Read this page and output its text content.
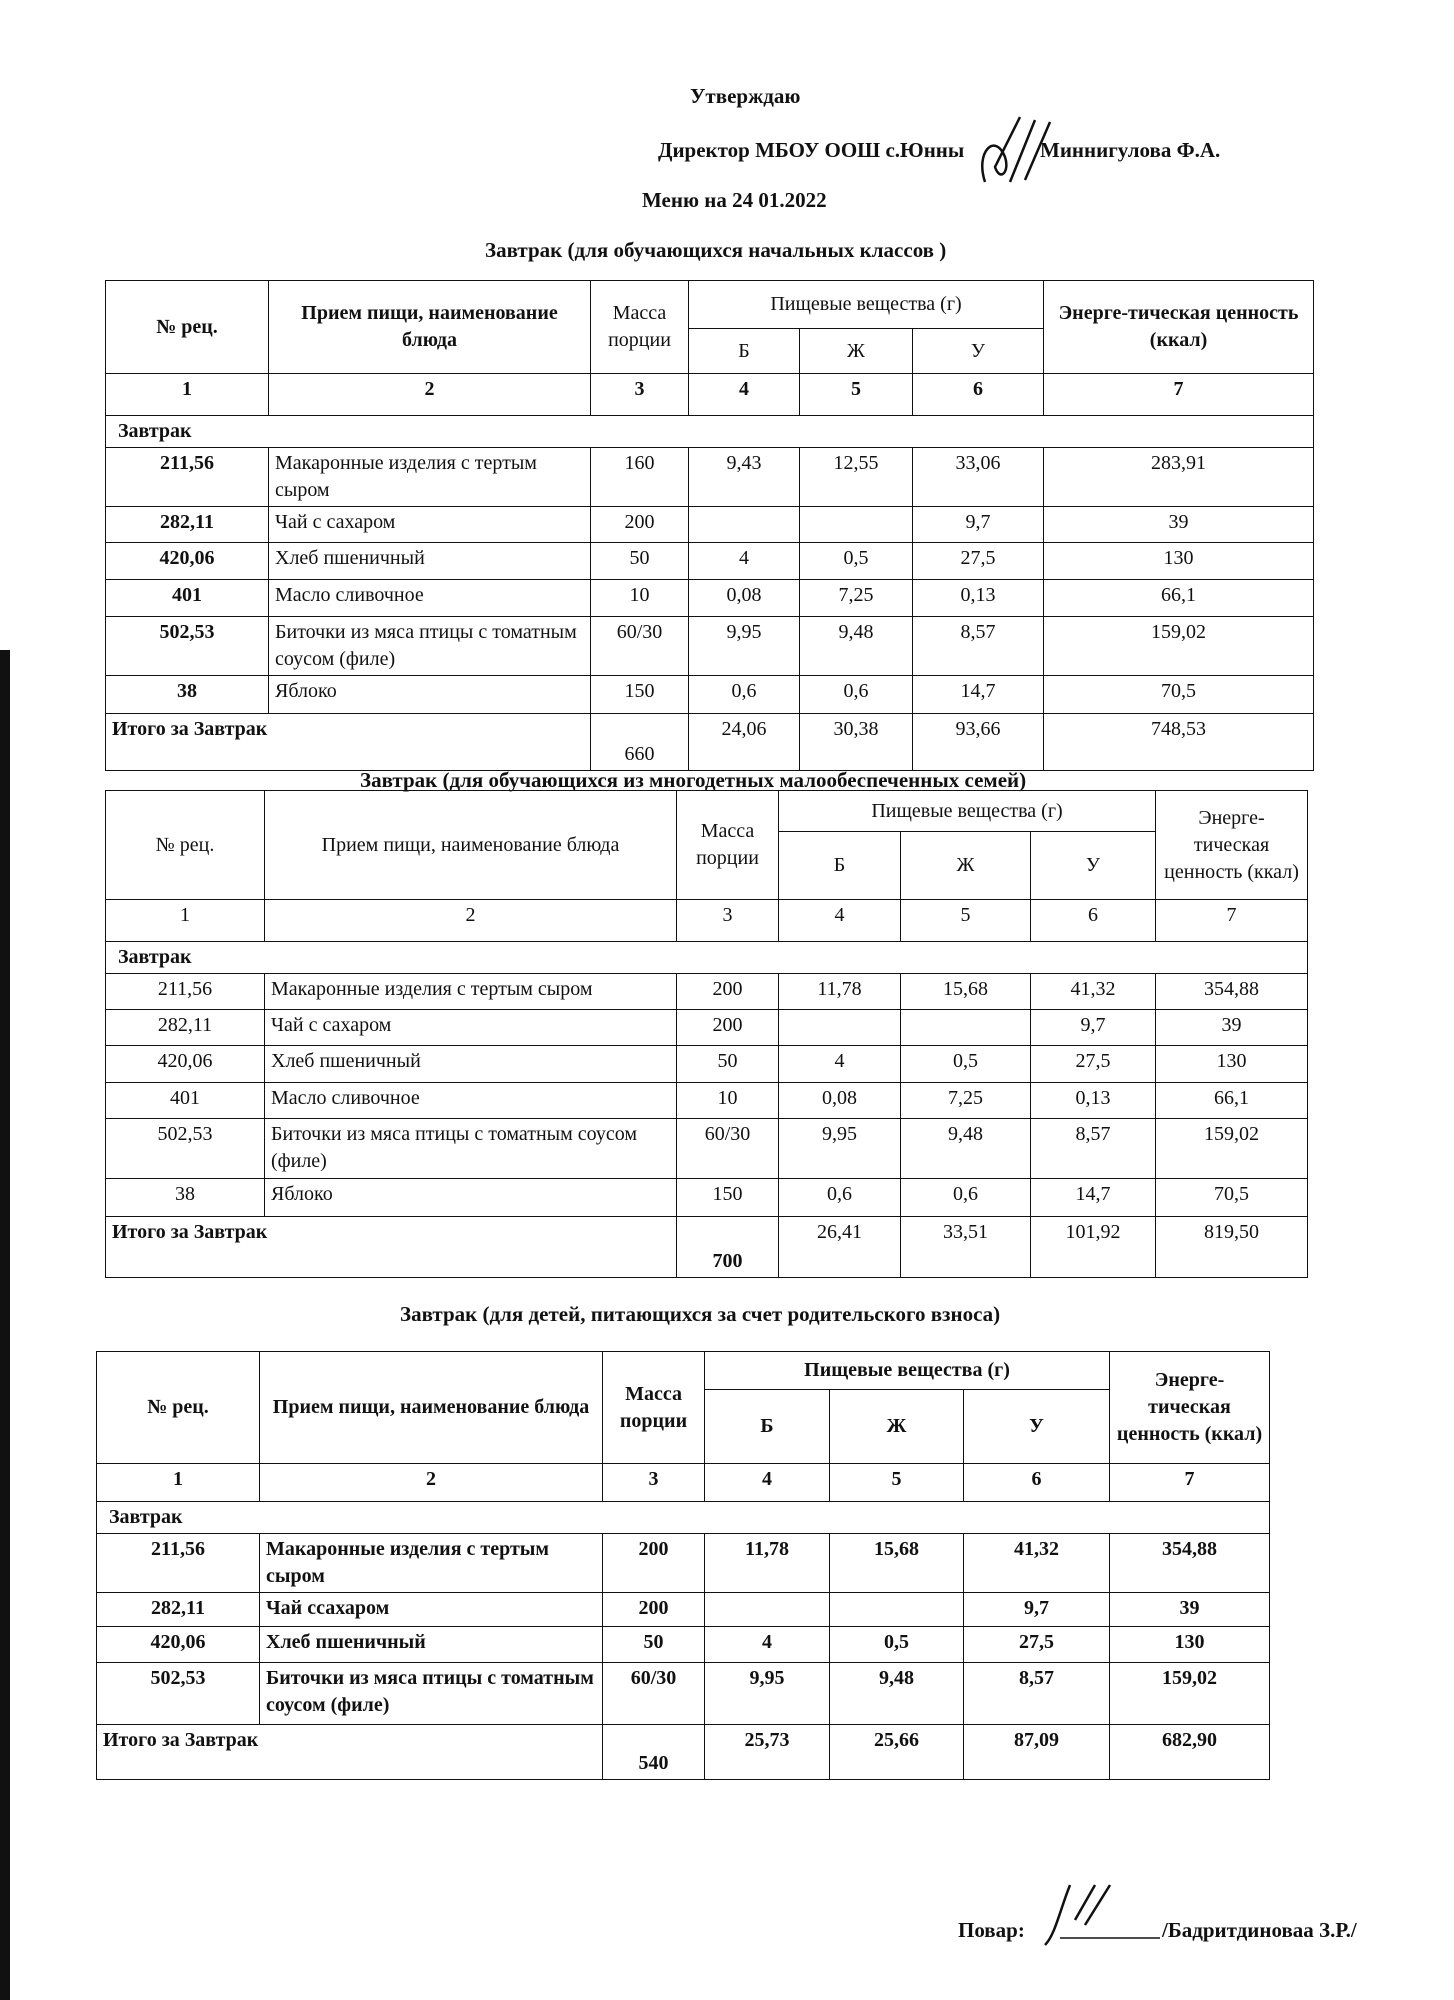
Утверждаю
Директор МБОУ ООШ с.Юнны	Миннигулова Ф.А.
Меню на 24 01.2022
Завтрак (для обучающихся начальных классов )
Завтрак (для обучающихся из многодетных малообеспеченных семей)
Завтрак (для детей, питающихся за счет родительского взноса)
№ рец.	Прием пищи, наименование блюда	Масса порции	Пищевые вещества (г)			Энерге-тическая ценность (ккал)
			Б	Ж	У	
1	2	3	4	5	6	7
Завтрак						
211,56	Макаронные изделия с тертым сыром	160	9,43	12,55	33,06	283,91
282,11	Чай с сахаром	200			9,7	39
420,06	Хлеб пшеничный	50	4	0,5	27,5	130
401	Масло сливочное	10	0,08	7,25	0,13	66,1
502,53	Биточки из мяса птицы с томатным соусом (филе)	60/30	9,95	9,48	8,57	159,02
38	Яблоко	150	0,6	0,6	14,7	70,5
Итого за Завтрак		660	24,06	30,38	93,66	748,53
№ рец.	Прием пищи, наименование блюда	Масса порции	Пищевые вещества (г)			Энерге-тическая ценность (ккал)
			Б	Ж	У	
1	2	3	4	5	6	7
Завтрак						
211,56	Макаронные изделия с тертым сыром	200	11,78	15,68	41,32	354,88
282,11	Чай с сахаром	200			9,7	39
420,06	Хлеб пшеничный	50	4	0,5	27,5	130
401	Масло сливочное	10	0,08	7,25	0,13	66,1
502,53	Биточки из мяса птицы с томатным соусом (филе)	60/30	9,95	9,48	8,57	159,02
38	Яблоко	150	0,6	0,6	14,7	70,5
Итого за Завтрак		700	26,41	33,51	101,92	819,50
№ рец.	Прием пищи, наименование блюда	Масса порции	Пищевые вещества (г)			Энерге-тическая ценность (ккал)
			Б	Ж	У	
1	2	3	4	5	6	7
Завтрак						
211,56	Макаронные изделия с тертым сыром	200	11,78	15,68	41,32	354,88
282,11	Чай ссахаром	200			9,7	39
420,06	Хлеб пшеничный	50	4	0,5	27,5	130
502,53	Биточки из мяса птицы с томатным соусом (филе)	60/30	9,95	9,48	8,57	159,02
Итого за Завтрак		540	25,73	25,66	87,09	682,90
Повар:	/Бадритдиноваа З.Р./
